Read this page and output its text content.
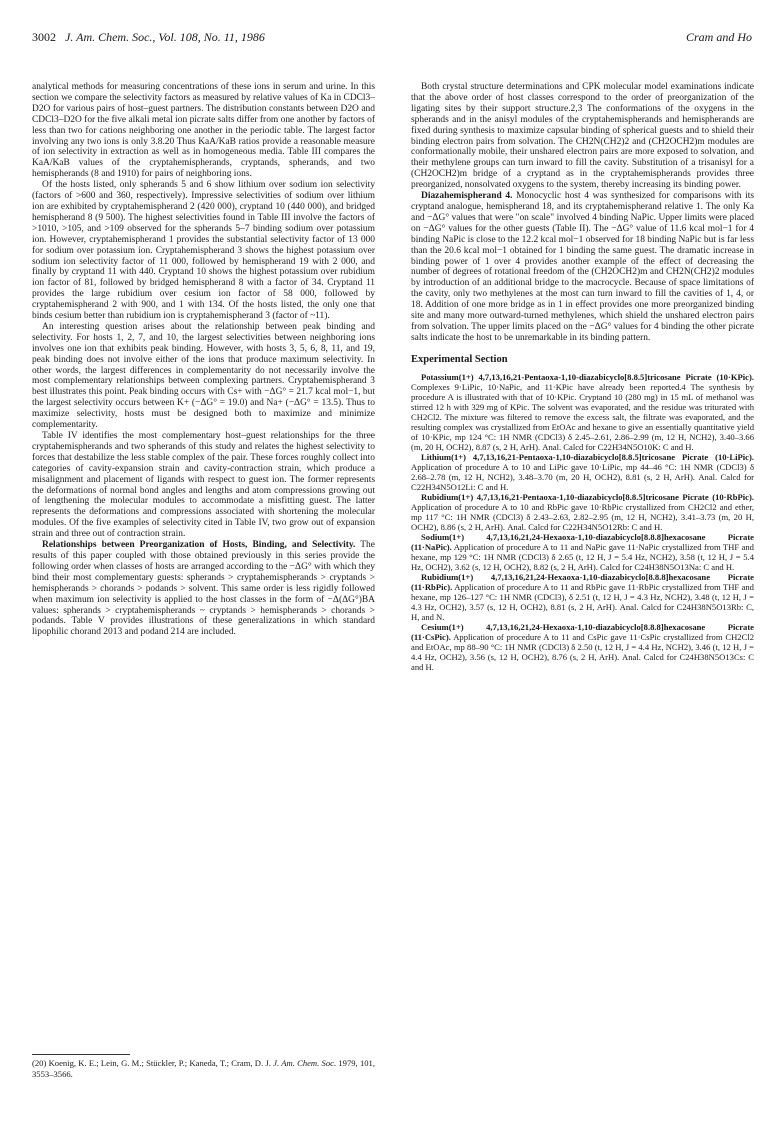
3002 J. Am. Chem. Soc., Vol. 108, No. 11, 1986	Cram and Ho

analytical methods for measuring concentrations of these ions in serum and urine. In this section we compare the selectivity factors as measured by relative values of Ka in CDCl3–D2O for various pairs of host–guest partners. The distribution constants between D2O and CDCl3–D2O for the five alkali metal ion picrate salts differ from one another by factors of less than two for cations neighboring one another in the periodic table. The largest factor involving any two ions is only 3.8.20 Thus KaA/KaB ratios provide a reasonable measure of ion selectivity in extraction as well as in homogeneous media. Table III compares the KaA/KaB values of the cryptahemispherands, cryptands, spherands, and two hemispherands (8 and 1910) for pairs of neighboring ions.

Of the hosts listed, only spherands 5 and 6 show lithium over sodium ion selectivity (factors of >600 and 360, respectively). Impressive selectivities of sodium over lithium ion are exhibited by cryptahemispherand 2 (420 000), cryptand 10 (440 000), and bridged hemispherand 8 (9 500). The highest selectivities found in Table III involve the factors of >1010, >105, and >109 observed for the spherands 5–7 binding sodium over potassium ion. However, cryptahemispherand 1 provides the substantial selectivity factor of 13 000 for sodium over potassium ion. Cryptahemispherand 3 shows the highest potassium over sodium ion selectivity factor of 11 000, followed by hemispherand 19 with 2 000, and finally by cryptand 11 with 440. Cryptand 10 shows the highest potassium over rubidium ion factor of 81, followed by bridged hemispherand 8 with a factor of 34. Cryptand 11 provides the large rubidium over cesium ion factor of 58 000, followed by cryptahemispherand 2 with 900, and 1 with 134. Of the hosts listed, the only one that binds cesium better than rubidium ion is cryptahemispherand 3 (factor of ~11).

An interesting question arises about the relationship between peak binding and selectivity. For hosts 1, 2, 7, and 10, the largest selectivities between neighboring ions involves one ion that exhibits peak binding. However, with hosts 3, 5, 6, 8, 11, and 19, peak binding does not involve either of the ions that produce maximum selectivity. In other words, the largest differences in complementarity do not necessarily involve the most complementary relationships between complexing partners. Cryptahemispherand 3 best illustrates this point. Peak binding occurs with Cs+ with −ΔG° = 21.7 kcal mol−1, but the largest selectivity occurs between K+ (−ΔG° = 19.0) and Na+ (−ΔG° = 13.5). Thus to maximize selectivity, hosts must be designed both to maximize and minimize complementarity.

Table IV identifies the most complementary host–guest relationships for the three cryptahemispherands and two spherands of this study and relates the highest selectivity to forces that destabilize the less stable complex of the pair. These forces roughly collect into categories of cavity-expansion strain and cavity-contraction strain, which produce a misalignment and placement of ligands with respect to guest ion. The former represents the deformations of normal bond angles and lengths and atom compressions growing out of lengthening the molecular modules to accommodate a misfitting guest. The latter represents the deformations and compressions associated with shortening the molecular modules. Of the five examples of selectivity cited in Table IV, two grow out of expansion strain and three out of contraction strain.

Relationships between Preorganization of Hosts, Binding, and Selectivity. The results of this paper coupled with those obtained previously in this series provide the following order when classes of hosts are arranged according to the −ΔG° with which they bind their most complementary guests: spherands > cryptahemispherands > cryptands > hemispherands > chorands > podands > solvent. This same order is less rigidly followed when maximum ion selectivity is applied to the host classes in the form of −Δ(ΔG°)BA values: spherands > cryptahemispherands ~ cryptands > hemispherands > chorands > podands. Table V provides illustrations of these generalizations in which standard lipophilic chorand 2013 and podand 214 are included.

(20) Koenig, K. E.; Lein, G. M.; Stückler, P.; Kaneda, T.; Cram, D. J. J. Am. Chem. Soc. 1979, 101, 3553–3566.

Both crystal structure determinations and CPK molecular model examinations indicate that the above order of host classes correspond to the order of preorganization of the ligating sites by their support structure.2,3 The conformations of the oxygens in the spherands and in the anisyl modules of the cryptahemispherands and hemispherands are fixed during synthesis to maximize capsular binding of spherical guests and to shield their binding electron pairs from solvation. The CH2N(CH2)2 and (CH2OCH2)m modules are conformationally mobile, their unshared electron pairs are more exposed to solvation, and their methylene groups can turn inward to fill the cavity. Substitution of a trisanisyl for a (CH2OCH2)m bridge of a cryptand as in the cryptahemispherands provides three preorganized, nonsolvated oxygens to the system, thereby increasing its binding power.

Diazahemispherand 4. Monocyclic host 4 was synthesized for comparisons with its cryptand analogue, hemispherand 18, and its cryptahemispherand relative 1. The only Ka and −ΔG° values that were "on scale" involved 4 binding NaPic. Upper limits were placed on −ΔG° values for the other guests (Table II). The −ΔG° value of 11.6 kcal mol−1 for 4 binding NaPic is close to the 12.2 kcal mol−1 observed for 18 binding NaPic but is far less than the 20.6 kcal mol−1 obtained for 1 binding the same guest. The dramatic increase in binding power of 1 over 4 provides another example of the effect of decreasing the number of degrees of rotational freedom of the (CH2OCH2)m and CH2N(CH2)2 modules by introduction of an additional bridge to the macrocycle. Because of space limitations of the cavity, only two methylenes at the most can turn inward to fill the cavities of 1, 4, or 18. Addition of one more bridge as in 1 in effect provides one more preorganized binding site and many more outward-turned methylenes, which shield the unshared electron pairs from solvation. The upper limits placed on the −ΔG° values for 4 binding the other picrate salts indicate the host to be unremarkable in its binding pattern.

Experimental Section

Potassium(1+) 4,7,13,16,21-Pentaoxa-1,10-diazabicyclo[8.8.5]tricosane Picrate (10·KPic). Complexes 9·LiPic, 10·NaPic, and 11·KPic have already been reported.4 The synthesis by procedure A is illustrated with that of 10·KPic. Cryptand 10 (280 mg) in 15 mL of methanol was stirred 12 h with 329 mg of KPic. The solvent was evaporated, and the residue was triturated with CH2Cl2. The mixture was filtered to remove the excess salt, the filtrate was evaporated, and the resulting complex was crystallized from EtOAc and hexane to give an essentially quantitative yield of 10·KPic, mp 124 °C: 1H NMR (CDCl3) δ 2.45–2.61, 2.86–2.99 (m, 12 H, NCH2), 3.40–3.66 (m, 20 H, OCH2), 8.87 (s, 2 H, ArH). Anal. Calcd for C22H34N5O10K: C and H.

Lithium(1+) 4,7,13,16,21-Pentaoxa-1,10-diazabicyclo[8.8.5]tricosane Picrate (10·LiPic). Application of procedure A to 10 and LiPic gave 10·LiPic, mp 44–46 °C: 1H NMR (CDCl3) δ 2.68–2.78 (m, 12 H, NCH2), 3.48–3.70 (m, 20 H, OCH2), 8.81 (s, 2 H, ArH). Anal. Calcd for C22H34N5O12Li: C and H.

Rubidium(1+) 4,7,13,16,21-Pentaoxa-1,10-diazabicyclo[8.8.5]tricosane Picrate (10·RbPic). Application of procedure A to 10 and RbPic gave 10·RbPic crystallized from CH2Cl2 and ether, mp 117 °C: 1H NMR (CDCl3) δ 2.43–2.63, 2.82–2.95 (m, 12 H, NCH2), 3.41–3.73 (m, 20 H, OCH2), 8.86 (s, 2 H, ArH). Anal. Calcd for C22H34N5O12Rb: C and H.

Sodium(1+) 4,7,13,16,21,24-Hexaoxa-1,10-diazabicyclo[8.8.8]hexacosane Picrate (11·NaPic). Application of procedure A to 11 and NaPic gave 11·NaPic crystallized from THF and hexane, mp 129 °C: 1H NMR (CDCl3) δ 2.65 (t, 12 H, J = 5.4 Hz, NCH2), 3.58 (t, 12 H, J = 5.4 Hz, OCH2), 3.62 (s, 12 H, OCH2), 8.82 (s, 2 H, ArH). Calcd for C24H38N5O13Na: C and H.

Rubidium(1+) 4,7,13,16,21,24-Hexaoxa-1,10-diazabicyclo[8.8.8]hexacosane Picrate (11·RbPic). Application of procedure A to 11 and RbPic gave 11·RbPic crystallized from THF and hexane, mp 126–127 °C: 1H NMR (CDCl3), δ 2.51 (t, 12 H, J = 4.3 Hz, NCH2), 3.48 (t, 12 H, J = 4.3 Hz, OCH2), 3.57 (s, 12 H, OCH2), 8.81 (s, 2 H, ArH). Anal. Calcd for C24H38N5O13Rb: C, H, and N.

Cesium(1+) 4,7,13,16,21,24-Hexaoxa-1,10-diazabicyclo[8.8.8]hexacosane Picrate (11·CsPic). Application of procedure A to 11 and CsPic gave 11·CsPic crystallized from CH2Cl2 and EtOAc, mp 88–90 °C: 1H NMR (CDCl3) δ 2.50 (t, 12 H, J = 4.4 Hz, NCH2), 3.46 (t, 12 H, J = 4.4 Hz, OCH2), 3.56 (s, 12 H, OCH2), 8.76 (s, 2 H, ArH). Anal. Calcd for C24H38N5O13Cs: C and H.
